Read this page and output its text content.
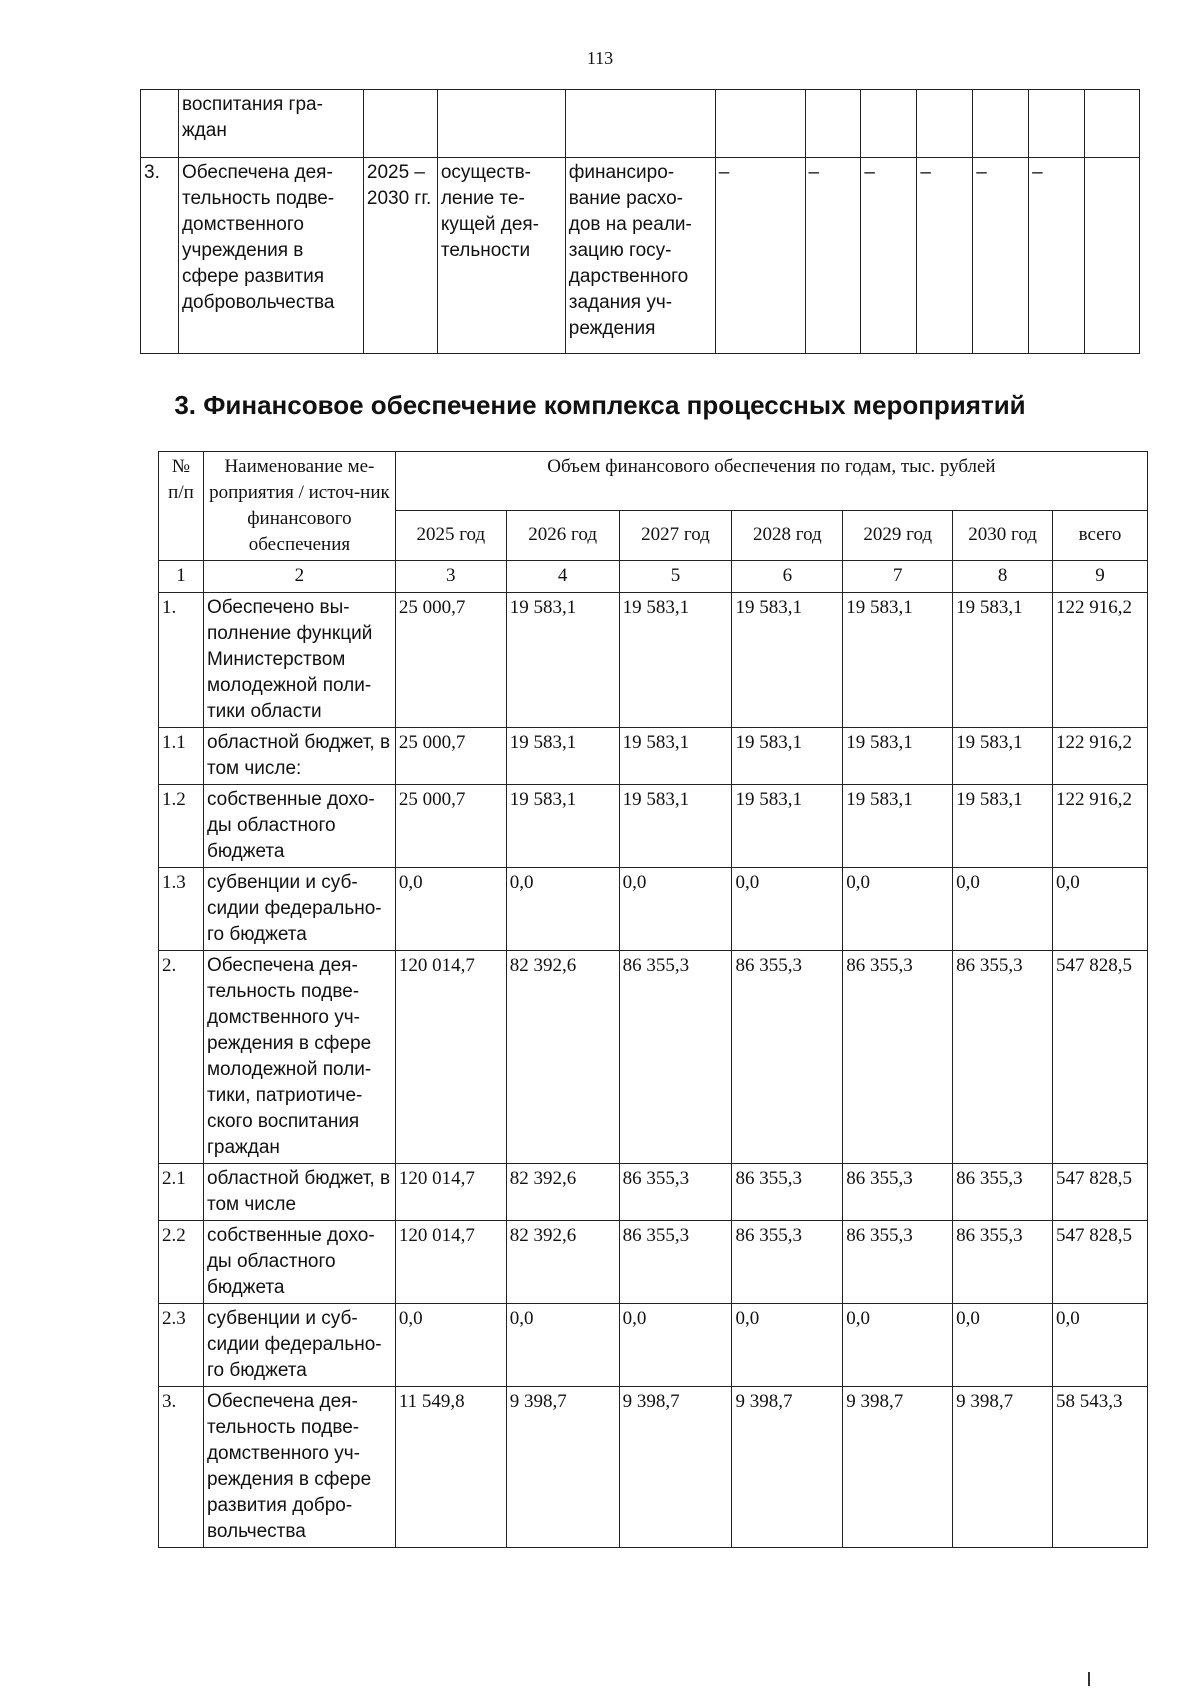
113
	воспитания гра-ждан										
3.	Обеспечена дея-тельность подве-домственного учреждения в сфере развития добровольчества	2025 – 2030 гг.	осуществ-ление те-кущей дея-тельности	финансиро-вание расхо-дов на реали-зацию госу-дарственного задания уч-реждения	–	–	–	–	–	–	
3. Финансовое обеспечение комплекса процессных мероприятий
№ п/п	Наименование ме-роприятия / источ-ник финансового обеспечения	Объем финансового обеспечения по годам, тыс. рублей						
		2025 год	2026 год	2027 год	2028 год	2029 год	2030 год	всего
1	2	3	4	5	6	7	8	9
1.	Обеспечено вы-полнение функций Министерством молодежной поли-тики области	25 000,7	19 583,1	19 583,1	19 583,1	19 583,1	19 583,1	122 916,2
1.1	областной бюджет, в том числе:	25 000,7	19 583,1	19 583,1	19 583,1	19 583,1	19 583,1	122 916,2
1.2	собственные дохо-ды областного бюджета	25 000,7	19 583,1	19 583,1	19 583,1	19 583,1	19 583,1	122 916,2
1.3	субвенции и суб-сидии федерально-го бюджета	0,0	0,0	0,0	0,0	0,0	0,0	0,0
2.	Обеспечена дея-тельность подве-домственного уч-реждения в сфере молодежной поли-тики, патриотиче-ского воспитания граждан	120 014,7	82 392,6	86 355,3	86 355,3	86 355,3	86 355,3	547 828,5
2.1	областной бюджет, в том числе	120 014,7	82 392,6	86 355,3	86 355,3	86 355,3	86 355,3	547 828,5
2.2	собственные дохо-ды областного бюджета	120 014,7	82 392,6	86 355,3	86 355,3	86 355,3	86 355,3	547 828,5
2.3	субвенции и суб-сидии федерально-го бюджета	0,0	0,0	0,0	0,0	0,0	0,0	0,0
3.	Обеспечена дея-тельность подве-домственного уч-реждения в сфере развития добро-вольчества	11 549,8	9 398,7	9 398,7	9 398,7	9 398,7	9 398,7	58 543,3
